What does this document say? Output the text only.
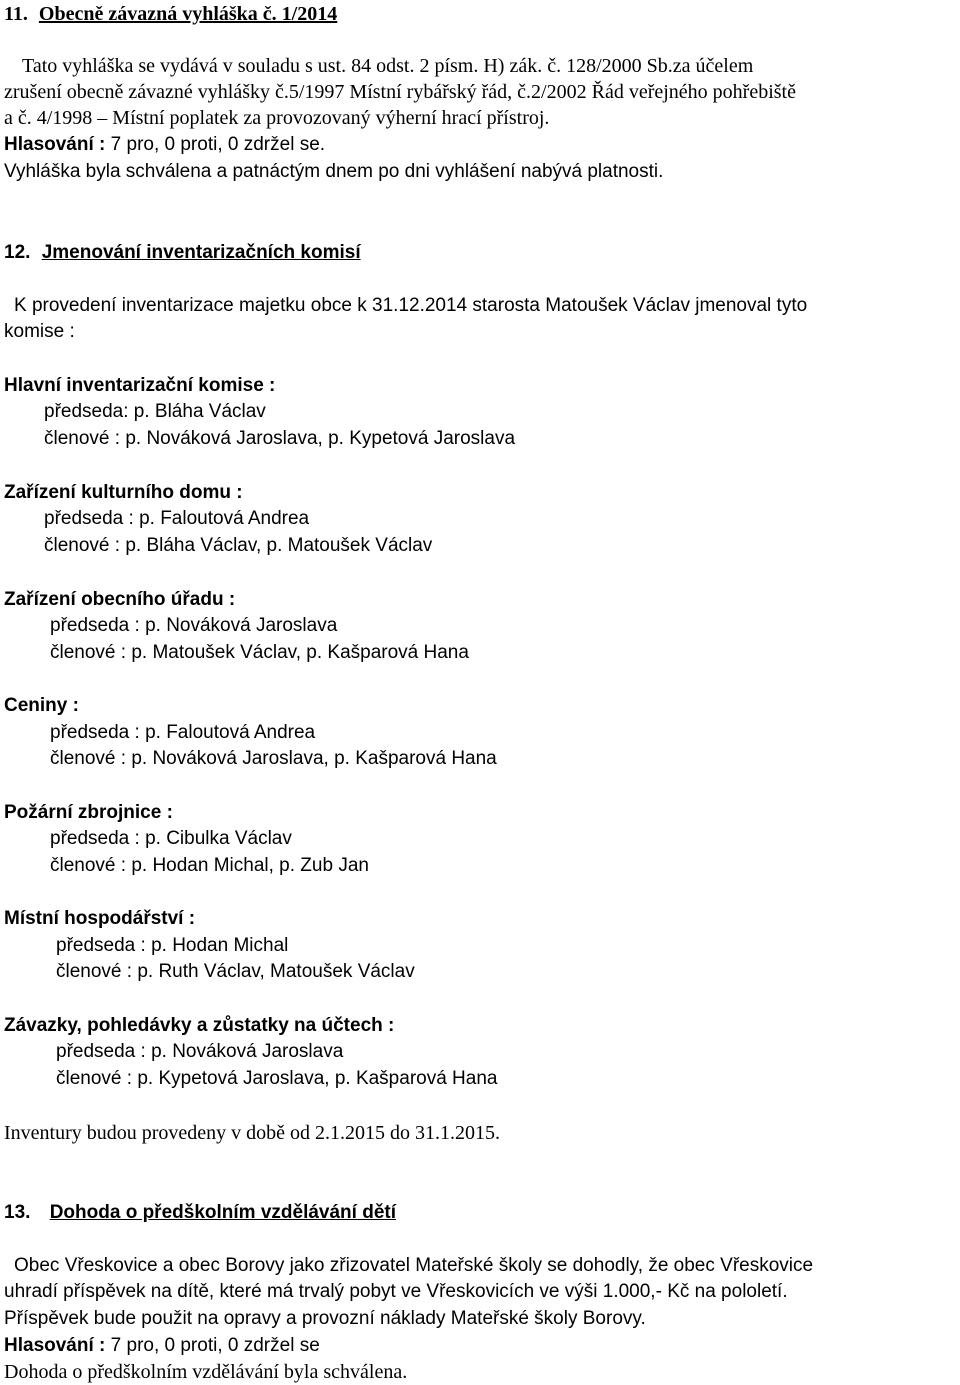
11. Obecně závazná vyhláška č. 1/2014
Tato vyhláška se vydává v souladu s ust. 84 odst. 2 písm. H) zák. č. 128/2000 Sb.za účelem
zrušení obecně závazné vyhlášky č.5/1997 Místní rybářský řád, č.2/2002 Řád veřejného pohřebiště
a č. 4/1998 – Místní poplatek za provozovaný výherní hrací přístroj.
Hlasování : 7 pro, 0 proti, 0 zdržel se.
Vyhláška byla schválena a patnáctým dnem po dni vyhlášení nabývá platnosti.
12. Jmenování inventarizačních komisí
K provedení inventarizace majetku obce k 31.12.2014 starosta Matoušek Václav jmenoval tyto
komise :
Hlavní inventarizační komise :
předseda: p. Bláha Václav
členové : p. Nováková Jaroslava, p. Kypetová Jaroslava
Zařízení kulturního domu :
předseda : p. Faloutová Andrea
členové : p. Bláha Václav, p. Matoušek Václav
Zařízení obecního úřadu :
předseda : p. Nováková Jaroslava
členové : p. Matoušek Václav, p. Kašparová Hana
Ceniny :
předseda : p. Faloutová Andrea
členové : p. Nováková Jaroslava, p. Kašparová Hana
Požární zbrojnice :
předseda : p. Cibulka Václav
členové : p. Hodan Michal, p. Zub Jan
Místní hospodářství :
předseda : p. Hodan Michal
členové : p. Ruth Václav, Matoušek Václav
Závazky, pohledávky a zůstatky na účtech :
předseda : p. Nováková Jaroslava
členové : p. Kypetová Jaroslava, p. Kašparová Hana
Inventury budou provedeny v době od 2.1.2015 do 31.1.2015.
13. Dohoda o předškolním vzdělávání dětí
Obec Vřeskovice a obec Borovy jako zřizovatel Mateřské školy se dohodly, že obec Vřeskovice
uhradí příspěvek na dítě, které má trvalý pobyt ve Vřeskovicích ve výši 1.000,- Kč na pololetí.
Příspěvek bude použit na opravy a provozní náklady Mateřské školy Borovy.
Hlasování : 7 pro, 0 proti, 0 zdržel se
Dohoda o předškolním vzdělávání byla schválena.
